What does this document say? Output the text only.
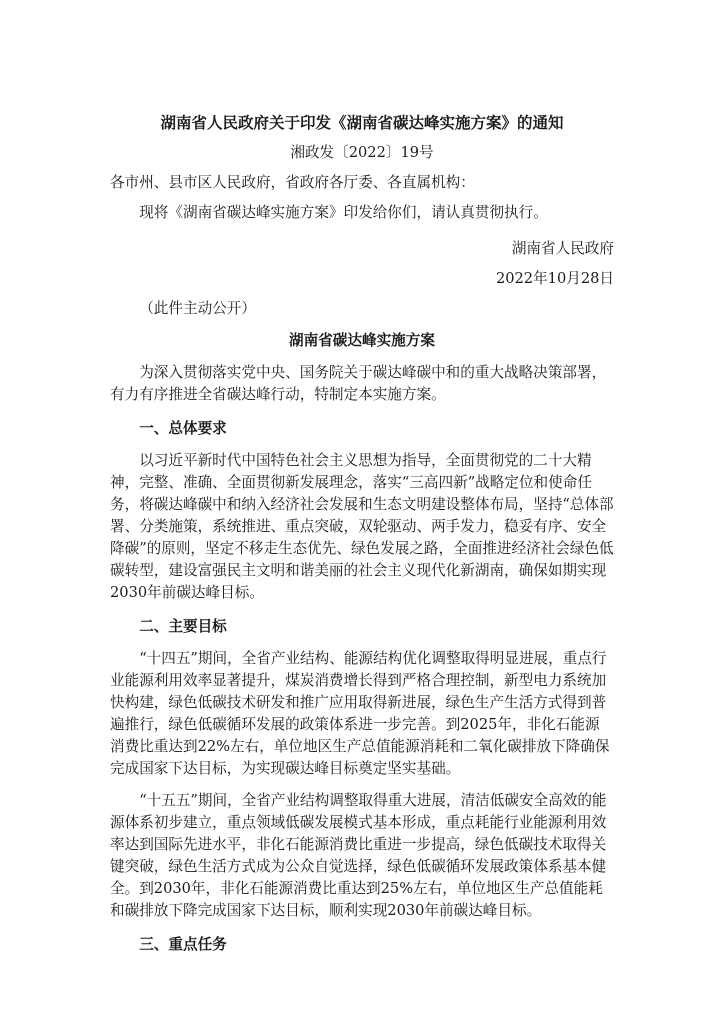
湖南省人民政府关于印发《湖南省碳达峰实施方案》的通知

湘政发〔2022〕19号

各市州、县市区人民政府，省政府各厅委、各直属机构：

现将《湖南省碳达峰实施方案》印发给你们，请认真贯彻执行。

湖南省人民政府

2022年10月28日

（此件主动公开）

湖南省碳达峰实施方案

为深入贯彻落实党中央、国务院关于碳达峰碳中和的重大战略决策部署，有力有序推进全省碳达峰行动，特制定本实施方案。

一、总体要求

以习近平新时代中国特色社会主义思想为指导，全面贯彻党的二十大精神，完整、准确、全面贯彻新发展理念，落实“三高四新”战略定位和使命任务，将碳达峰碳中和纳入经济社会发展和生态文明建设整体布局，坚持“总体部署、分类施策，系统推进、重点突破，双轮驱动、两手发力，稳妥有序、安全降碳”的原则，坚定不移走生态优先、绿色发展之路，全面推进经济社会绿色低碳转型，建设富强民主文明和谐美丽的社会主义现代化新湖南，确保如期实现2030年前碳达峰目标。

二、主要目标

“十四五”期间，全省产业结构、能源结构优化调整取得明显进展，重点行业能源利用效率显著提升，煤炭消费增长得到严格合理控制，新型电力系统加快构建，绿色低碳技术研发和推广应用取得新进展，绿色生产生活方式得到普遍推行，绿色低碳循环发展的政策体系进一步完善。到2025年，非化石能源消费比重达到22%左右，单位地区生产总值能源消耗和二氧化碳排放下降确保完成国家下达目标，为实现碳达峰目标奠定坚实基础。

“十五五”期间，全省产业结构调整取得重大进展，清洁低碳安全高效的能源体系初步建立，重点领域低碳发展模式基本形成，重点耗能行业能源利用效率达到国际先进水平，非化石能源消费比重进一步提高，绿色低碳技术取得关键突破，绿色生活方式成为公众自觉选择，绿色低碳循环发展政策体系基本健全。到2030年，非化石能源消费比重达到25%左右，单位地区生产总值能耗和碳排放下降完成国家下达目标，顺利实现2030年前碳达峰目标。

三、重点任务
